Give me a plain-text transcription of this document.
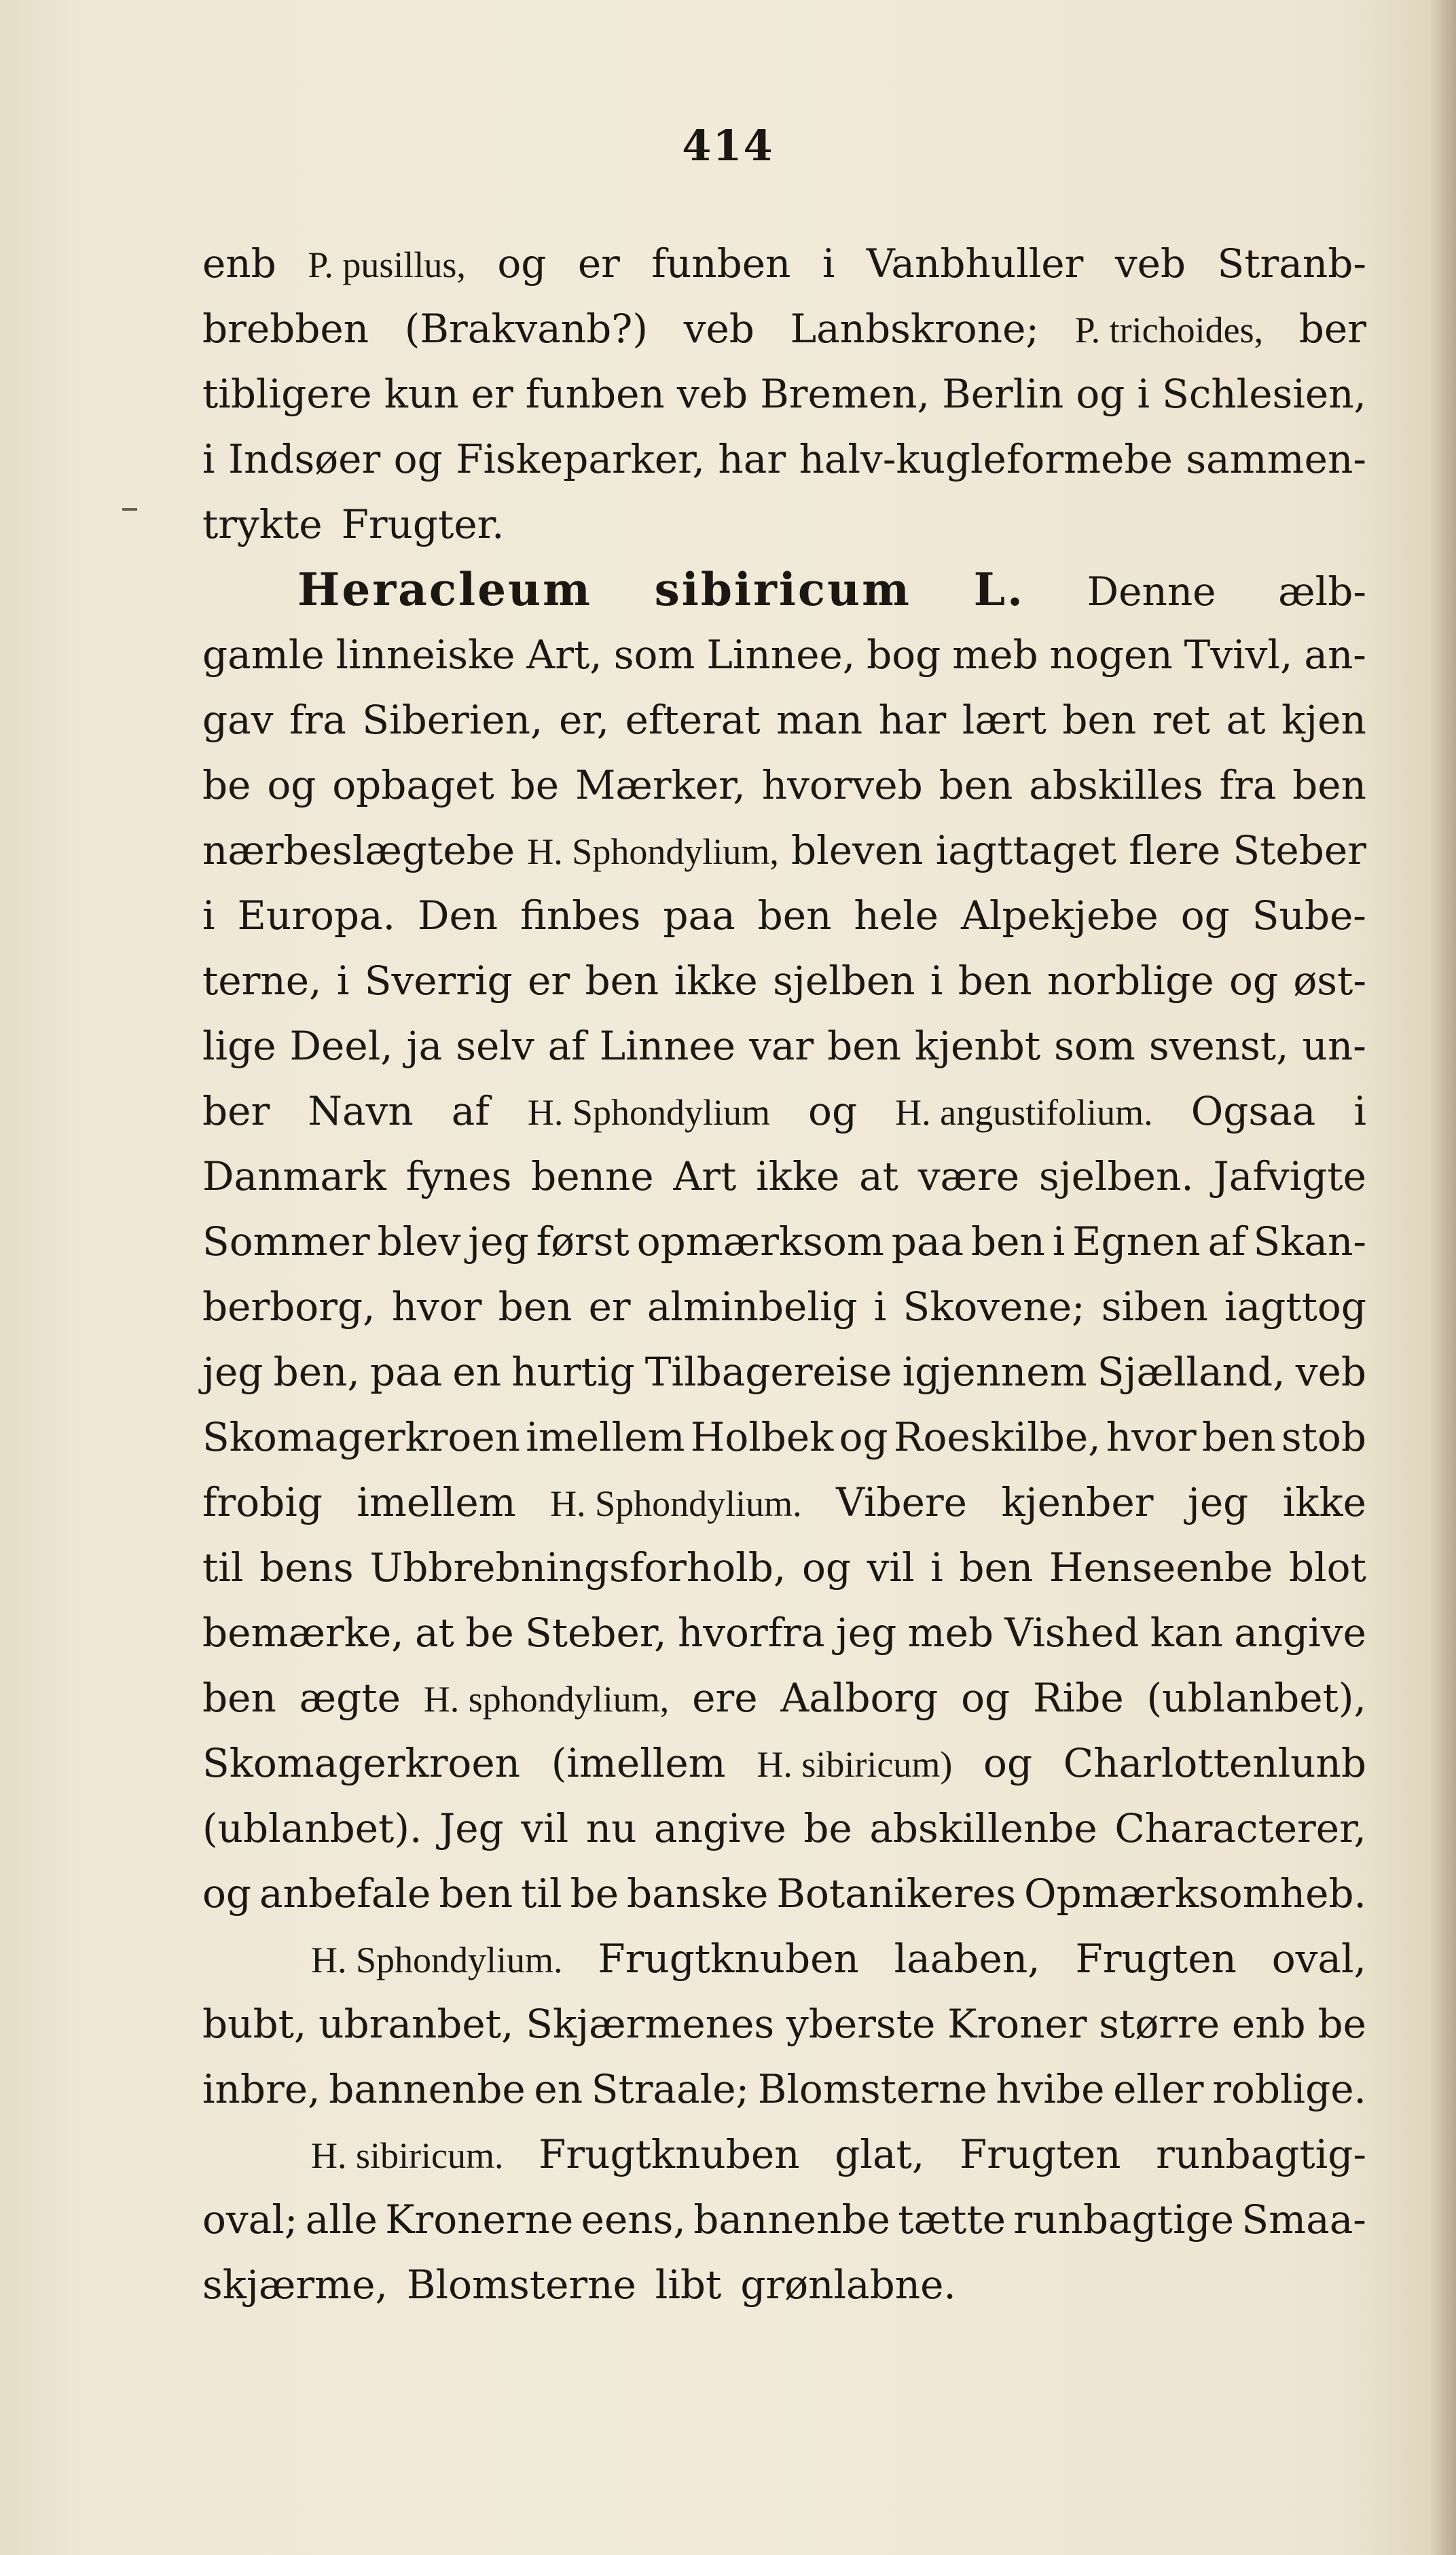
414
enb P. pusillus, og er funben i Vanbhuller veb Stranb-
brebben (Brakvanb?) veb Lanbskrone; P. trichoides, ber
tibligere kun er funben veb Bremen, Berlin og i Schlesien,
i Indsøer og Fiskeparker, har halv-kugleformebe sammen-
trykte Frugter.
Heracleum sibiricum L. Denne ælb-
gamle linneiske Art, som Linnee, bog meb nogen Tvivl, an-
gav fra Siberien, er, efterat man har lært ben ret at kjen
be og opbaget be Mærker, hvorveb ben abskilles fra ben
nærbeslægtebe H. Sphondylium, bleven iagttaget flere Steber
i Europa. Den finbes paa ben hele Alpekjebe og Sube-
terne, i Sverrig er ben ikke sjelben i ben norblige og øst-
lige Deel, ja selv af Linnee var ben kjenbt som svenst, un-
ber Navn af H. Sphondylium og H. angustifolium. Ogsaa i
Danmark fynes benne Art ikke at være sjelben. Jafvigte
Sommer blev jeg først opmærksom paa ben i Egnen af Skan-
berborg, hvor ben er alminbelig i Skovene; siben iagttog
jeg ben, paa en hurtig Tilbagereise igjennem Sjælland, veb
Skomagerkroen imellem Holbek og Roeskilbe, hvor ben stob
frobig imellem H. Sphondylium. Vibere kjenber jeg ikke
til bens Ubbrebningsforholb, og vil i ben Henseenbe blot
bemærke, at be Steber, hvorfra jeg meb Vished kan angive
ben ægte H. sphondylium, ere Aalborg og Ribe (ublanbet),
Skomagerkroen (imellem H. sibiricum) og Charlottenlunb
(ublanbet). Jeg vil nu angive be abskillenbe Characterer,
og anbefale ben til be banske Botanikeres Opmærksomheb.
H. Sphondylium. Frugtknuben laaben, Frugten oval,
bubt, ubranbet, Skjærmenes yberste Kroner større enb be
inbre, bannenbe en Straale; Blomsterne hvibe eller roblige.
H. sibiricum. Frugtknuben glat, Frugten runbagtig-
oval; alle Kronerne eens, bannenbe tætte runbagtige Smaa-
skjærme, Blomsterne libt grønlabne.
